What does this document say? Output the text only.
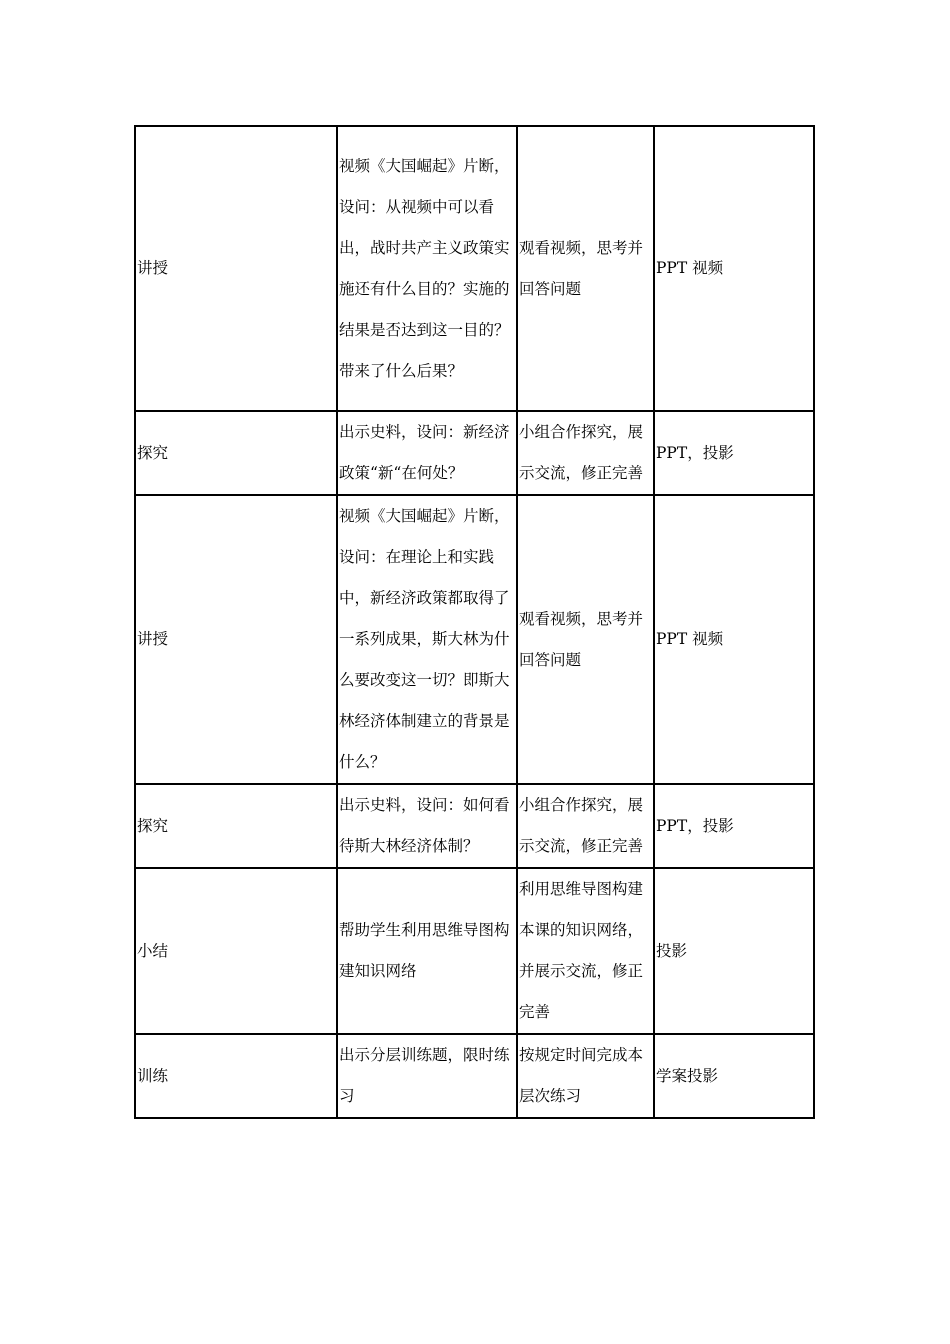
讲授	视频《大国崛起》片断，设问：从视频中可以看出，战时共产主义政策实施还有什么目的？实施的结果是否达到这一目的？带来了什么后果？	观看视频，思考并回答问题	PPT 视频
探究	出示史料，设问：新经济政策“新“在何处？	小组合作探究，展示交流，修正完善	PPT，投影
讲授	视频《大国崛起》片断，设问：在理论上和实践中，新经济政策都取得了一系列成果，斯大林为什么要改变这一切？即斯大林经济体制建立的背景是什么？	观看视频，思考并回答问题	PPT 视频
探究	出示史料，设问：如何看待斯大林经济体制？	小组合作探究，展示交流，修正完善	PPT，投影
小结	帮助学生利用思维导图构建知识网络	利用思维导图构建本课的知识网络，并展示交流，修正完善	投影
训练	出示分层训练题，限时练习	按规定时间完成本层次练习	学案投影
